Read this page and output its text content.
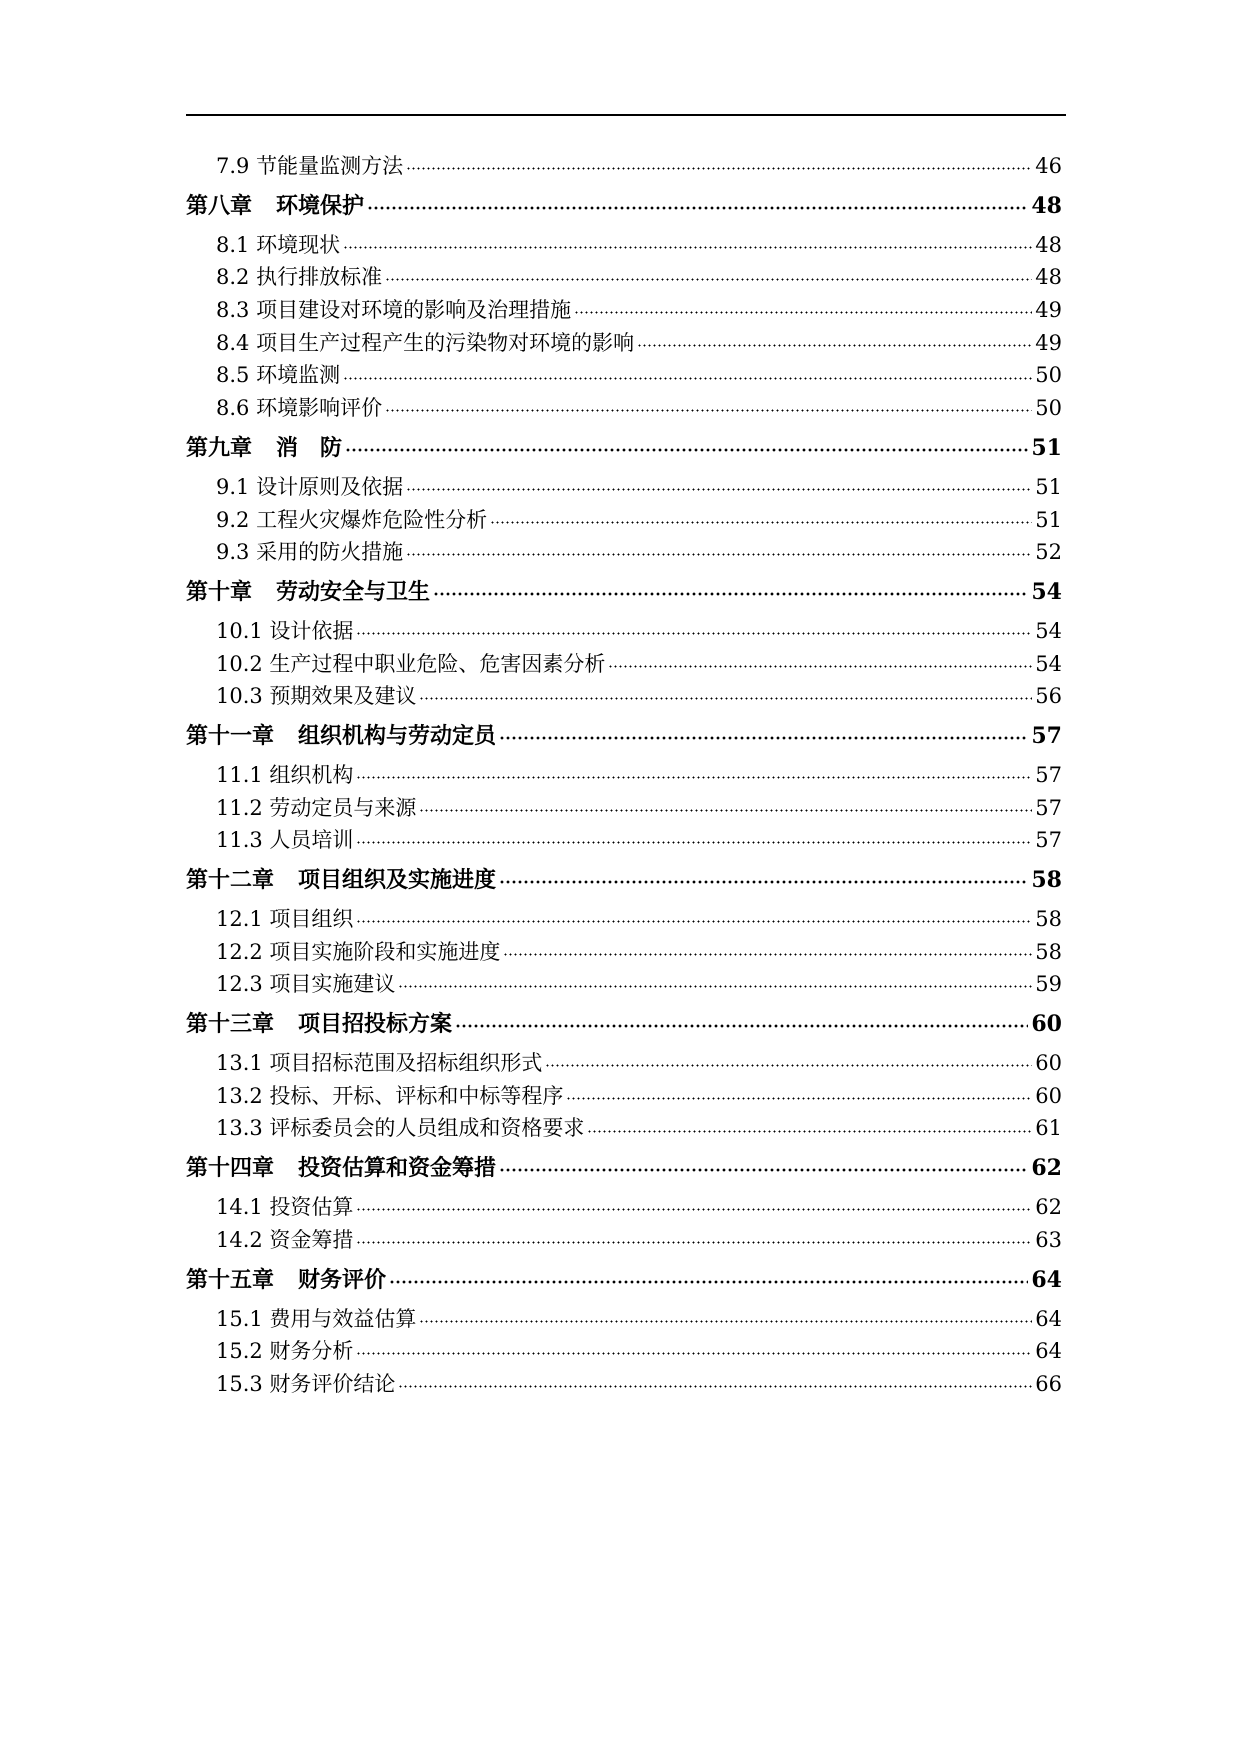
7.9 节能量监测方法	46
第八章 环境保护	48
8.1 环境现状	48
8.2 执行排放标准	48
8.3 项目建设对环境的影响及治理措施	49
8.4 项目生产过程产生的污染物对环境的影响	49
8.5 环境监测	50
8.6 环境影响评价	50
第九章 消　防	51
9.1 设计原则及依据	51
9.2 工程火灾爆炸危险性分析	51
9.3 采用的防火措施	52
第十章 劳动安全与卫生	54
10.1 设计依据	54
10.2 生产过程中职业危险、危害因素分析	54
10.3 预期效果及建议	56
第十一章 组织机构与劳动定员	57
11.1 组织机构	57
11.2 劳动定员与来源	57
11.3 人员培训	57
第十二章 项目组织及实施进度	58
12.1 项目组织	58
12.2 项目实施阶段和实施进度	58
12.3 项目实施建议	59
第十三章 项目招投标方案	60
13.1 项目招标范围及招标组织形式	60
13.2 投标、开标、评标和中标等程序	60
13.3 评标委员会的人员组成和资格要求	61
第十四章 投资估算和资金筹措	62
14.1 投资估算	62
14.2 资金筹措	63
第十五章 财务评价	64
15.1 费用与效益估算	64
15.2 财务分析	64
15.3 财务评价结论	66
